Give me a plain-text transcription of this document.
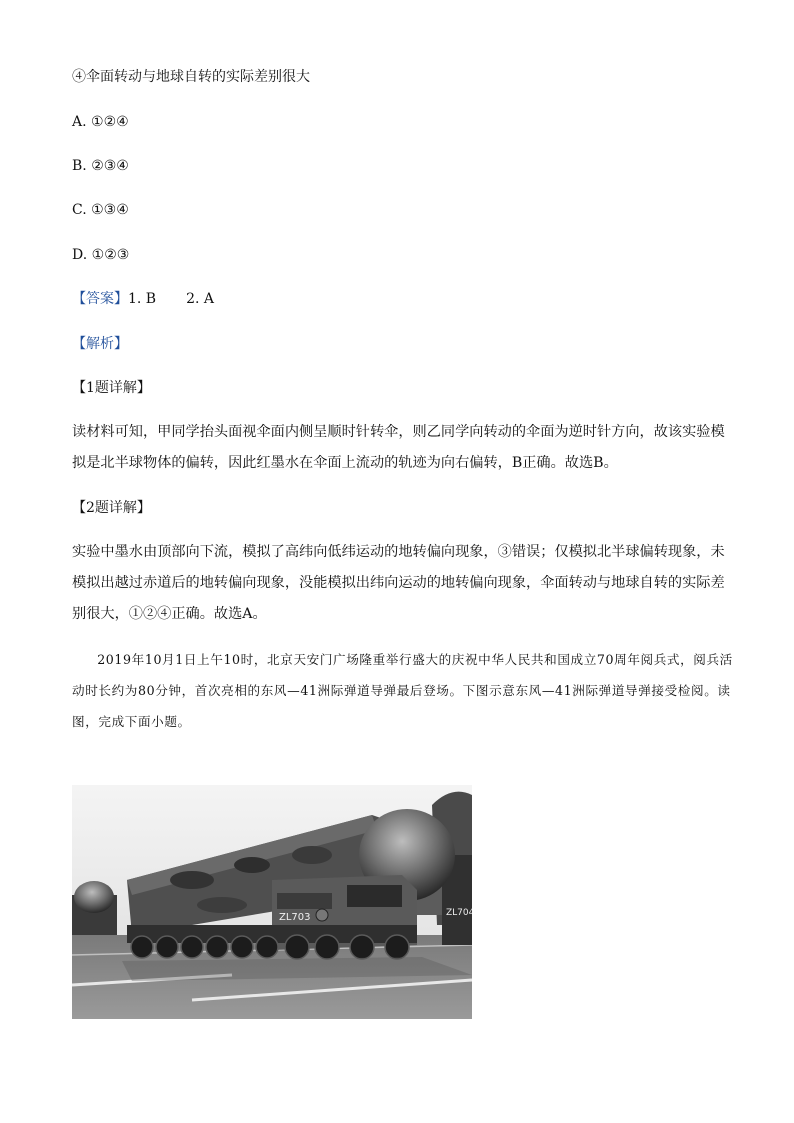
④伞面转动与地球自转的实际差别很大
A. ①②④
B. ②③④
C. ①③④
D. ①②③
【答案】1. B 2. A
【解析】
【1题详解】
读材料可知，甲同学抬头面视伞面内侧呈顺时针转伞，则乙同学向转动的伞面为逆时针方向，故该实验模拟是北半球物体的偏转，因此红墨水在伞面上流动的轨迹为向右偏转，B正确。故选B。
【2题详解】
实验中墨水由顶部向下流，模拟了高纬向低纬运动的地转偏向现象，③错误；仅模拟北半球偏转现象，未模拟出越过赤道后的地转偏向现象，没能模拟出纬向运动的地转偏向现象，伞面转动与地球自转的实际差别很大，①②④正确。故选A。
2019年10月1日上午10时，北京天安门广场隆重举行盛大的庆祝中华人民共和国成立70周年阅兵式，阅兵活动时长约为80分钟，首次亮相的东风—41洲际弹道导弹最后登场。下图示意东风—41洲际弹道导弹接受检阅。读图，完成下面小题。
ZL704
ZL703
